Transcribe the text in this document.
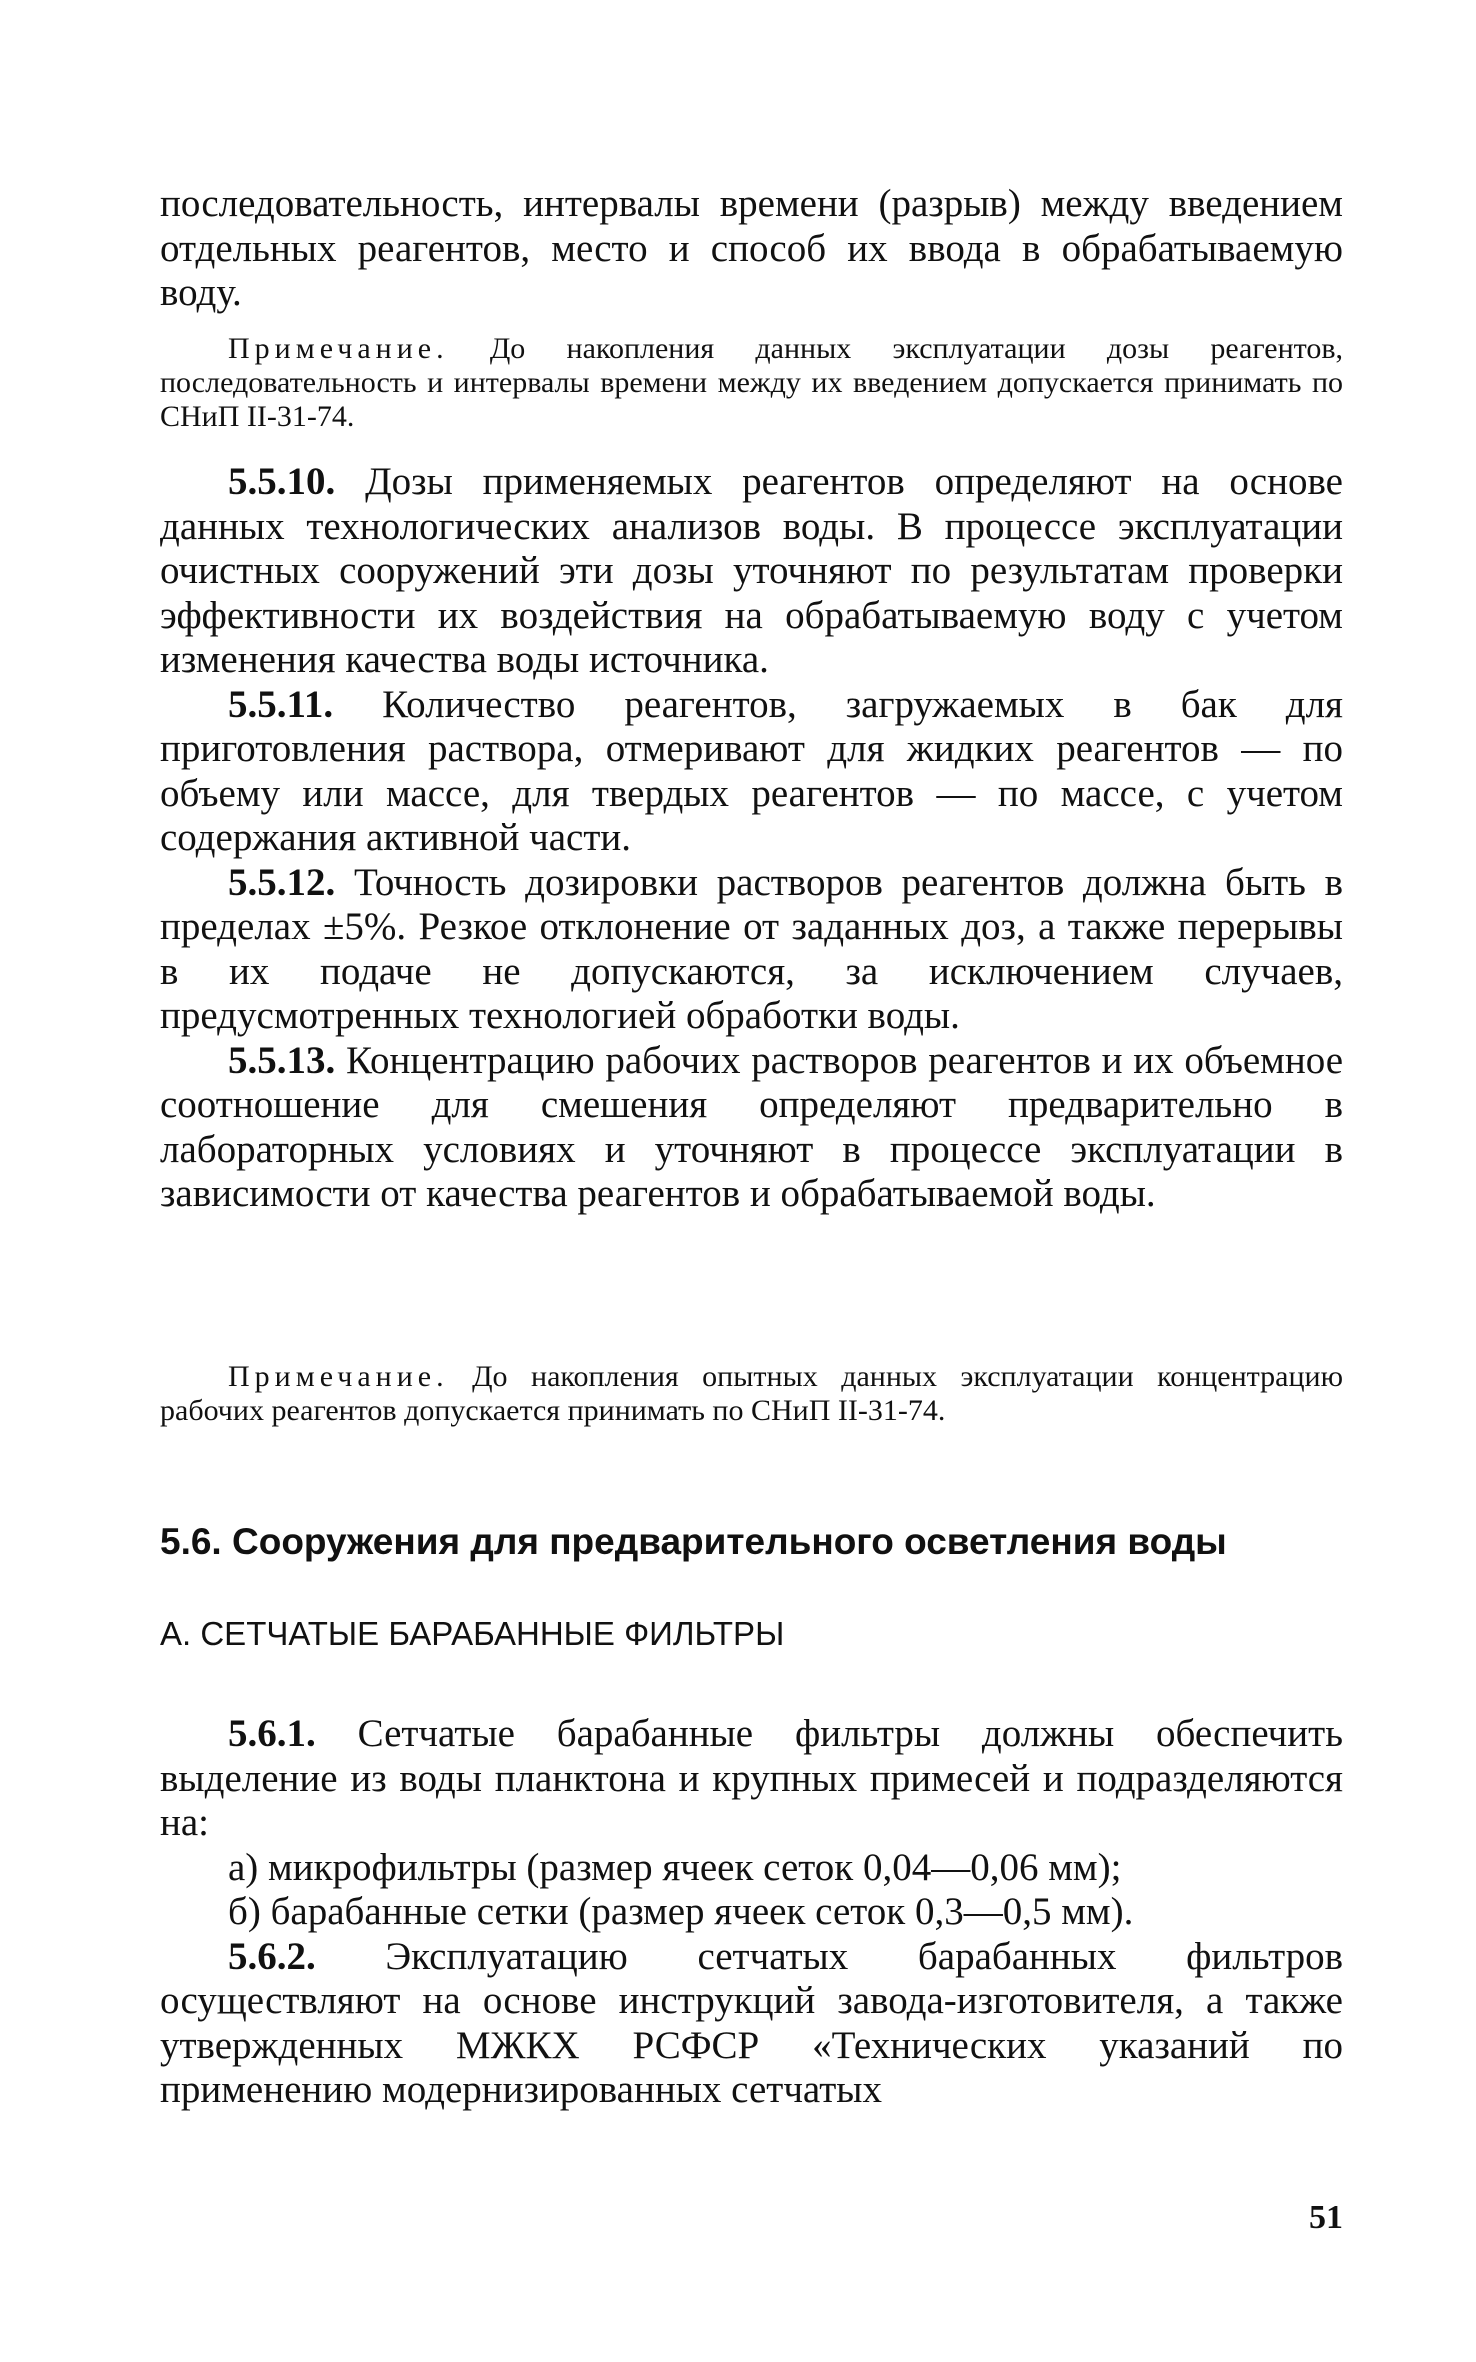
последовательность, интервалы времени (разрыв) между введением отдельных реагентов, место и способ их ввода в обрабатываемую воду.

Примечание. До накопления данных эксплуатации дозы реагентов, последовательность и интервалы времени между их введением допускается принимать по СНиП II-31-74.

5.5.10. Дозы применяемых реагентов определяют на основе данных технологических анализов воды. В процессе эксплуатации очистных сооружений эти дозы уточняют по результатам проверки эффективности их воздействия на обрабатываемую воду с учетом изменения качества воды источника.

5.5.11. Количество реагентов, загружаемых в бак для приготовления раствора, отмеривают для жидких реагентов — по объему или массе, для твердых реагентов — по массе, с учетом содержания активной части.

5.5.12. Точность дозировки растворов реагентов должна быть в пределах ±5%. Резкое отклонение от заданных доз, а также перерывы в их подаче не допускаются, за исключением случаев, предусмотренных технологией обработки воды.

5.5.13. Концентрацию рабочих растворов реагентов и их объемное соотношение для смешения определяют предварительно в лабораторных условиях и уточняют в процессе эксплуатации в зависимости от качества реагентов и обрабатываемой воды.

Примечание. До накопления опытных данных эксплуатации концентрацию рабочих реагентов допускается принимать по СНиП II-31-74.

5.6. Сооружения для предварительного осветления воды
А. СЕТЧАТЫЕ БАРАБАННЫЕ ФИЛЬТРЫ

5.6.1. Сетчатые барабанные фильтры должны обеспечить выделение из воды планктона и крупных примесей и подразделяются на:

а) микрофильтры (размер ячеек сеток 0,04—0,06 мм);

б) барабанные сетки (размер ячеек сеток 0,3—0,5 мм).

5.6.2. Эксплуатацию сетчатых барабанных фильтров осуществляют на основе инструкций завода-изготовителя, а также утвержденных МЖКХ РСФСР «Технических указаний по применению модернизированных сетчатых

51
